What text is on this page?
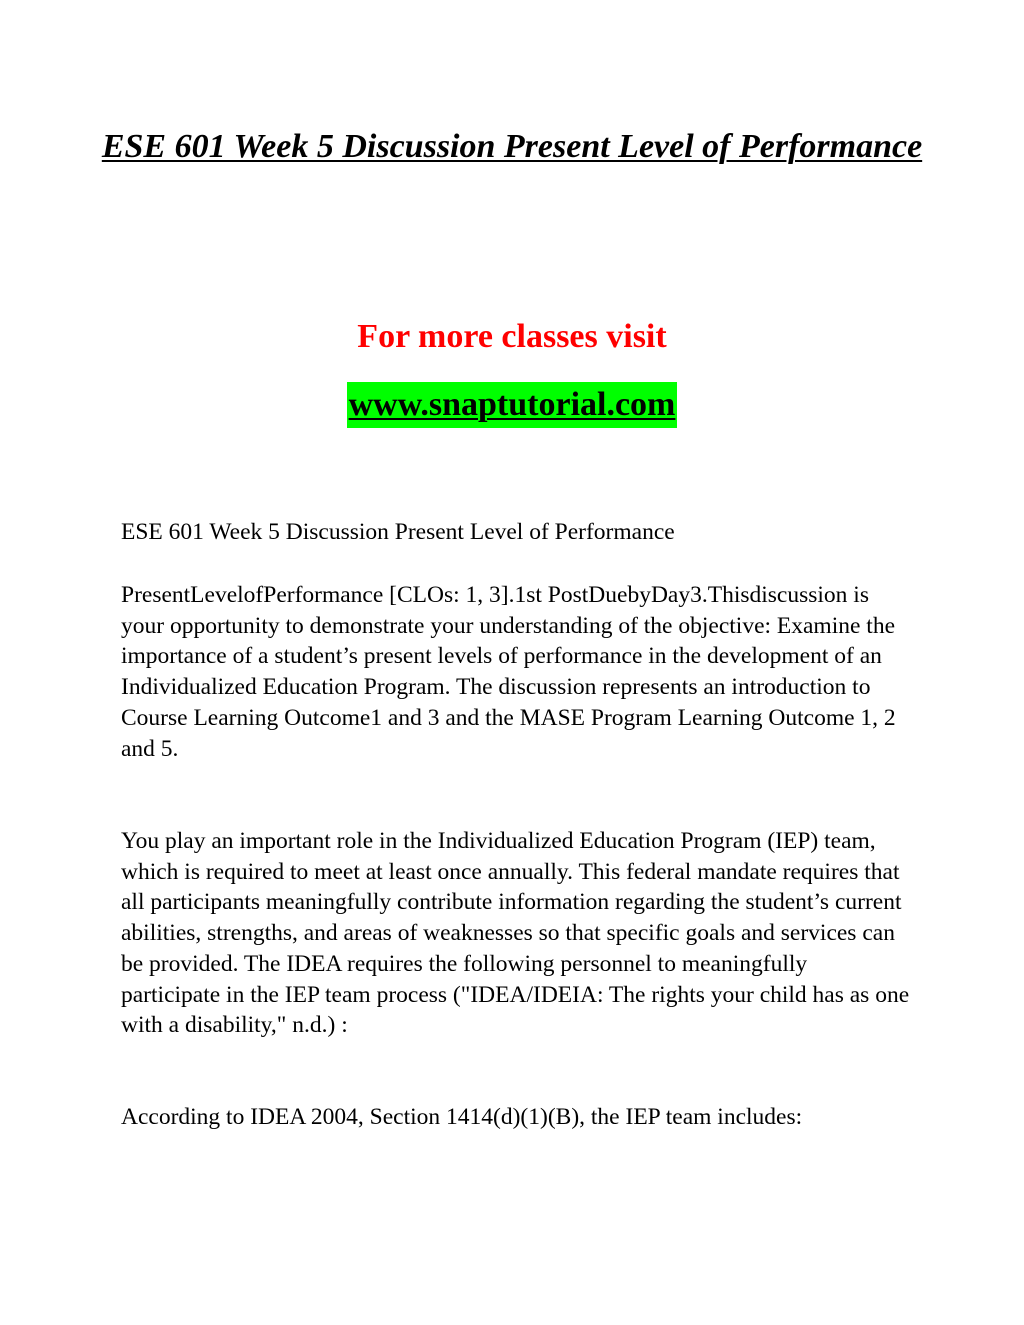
ESE 601 Week 5 Discussion Present Level of Performance

For more classes visit

www.snaptutorial.com

ESE 601 Week 5 Discussion Present Level of Performance

PresentLevelofPerformance [CLOs: 1, 3].1st PostDuebyDay3.Thisdiscussion is your opportunity to demonstrate your understanding of the objective: Examine the importance of a student’s present levels of performance in the development of an Individualized Education Program. The discussion represents an introduction to Course Learning Outcome1 and 3 and the MASE Program Learning Outcome 1, 2 and 5.

You play an important role in the Individualized Education Program (IEP) team, which is required to meet at least once annually. This federal mandate requires that all participants meaningfully contribute information regarding the student’s current abilities, strengths, and areas of weaknesses so that specific goals and services can be provided. The IDEA requires the following personnel to meaningfully participate in the IEP team process ("IDEA/IDEIA: The rights your child has as one with a disability," n.d.) :

According to IDEA 2004, Section 1414(d)(1)(B), the IEP team includes:
